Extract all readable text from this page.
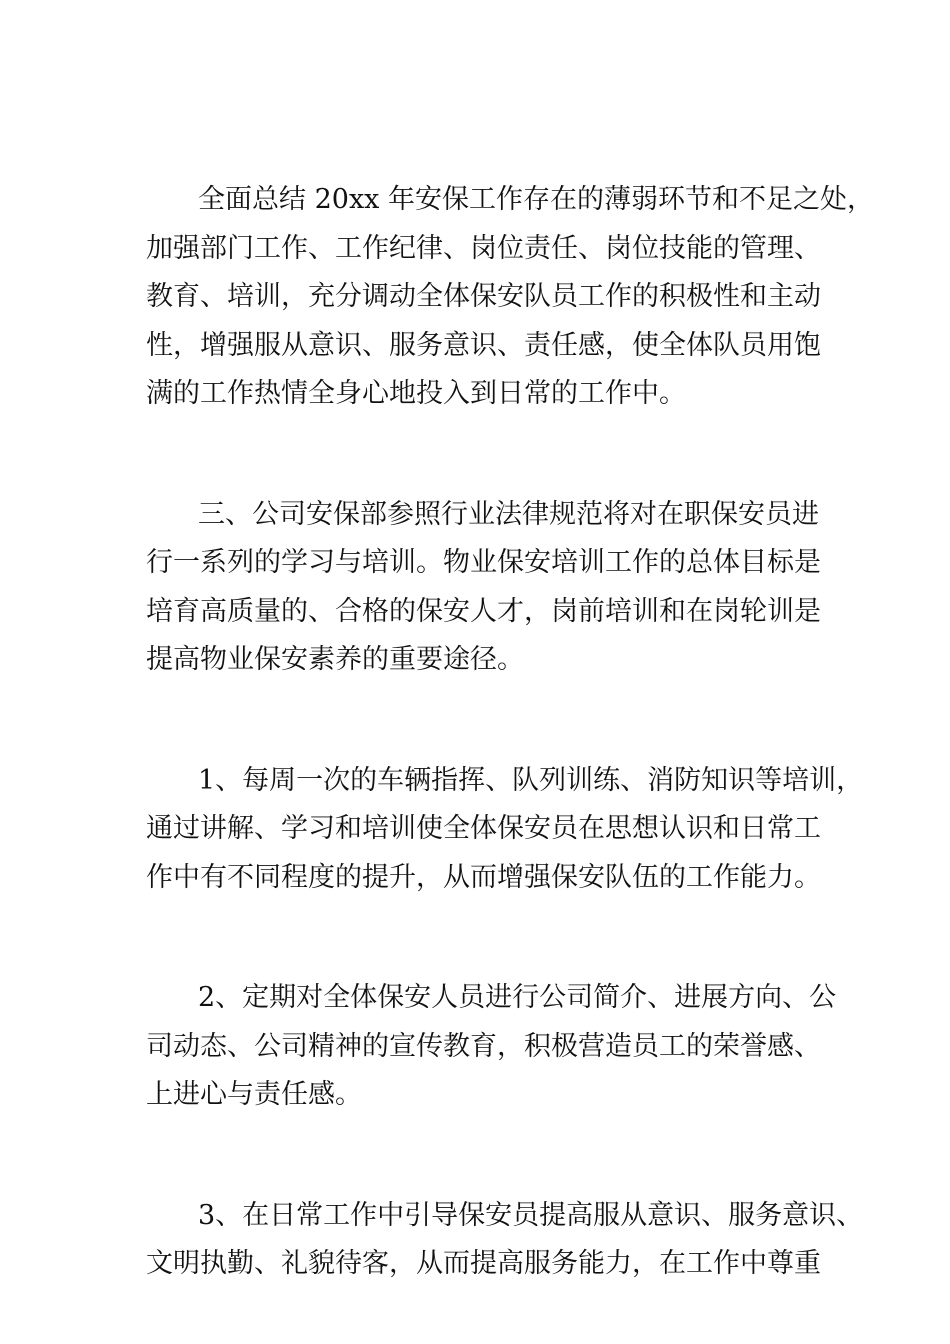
全面总结 20xx 年安保工作存在的薄弱环节和不足之处，
加强部门工作、工作纪律、岗位责任、岗位技能的管理、
教育、培训，充分调动全体保安队员工作的积极性和主动
性，增强服从意识、服务意识、责任感，使全体队员用饱
满的工作热情全身心地投入到日常的工作中。

三、公司安保部参照行业法律规范将对在职保安员进
行一系列的学习与培训。物业保安培训工作的总体目标是
培育高质量的、合格的保安人才，岗前培训和在岗轮训是
提高物业保安素养的重要途径。

1、每周一次的车辆指挥、队列训练、消防知识等培训，
通过讲解、学习和培训使全体保安员在思想认识和日常工
作中有不同程度的提升，从而增强保安队伍的工作能力。

2、定期对全体保安人员进行公司简介、进展方向、公
司动态、公司精神的宣传教育，积极营造员工的荣誉感、
上进心与责任感。

3、在日常工作中引导保安员提高服从意识、服务意识、
文明执勤、礼貌待客，从而提高服务能力，在工作中尊重
